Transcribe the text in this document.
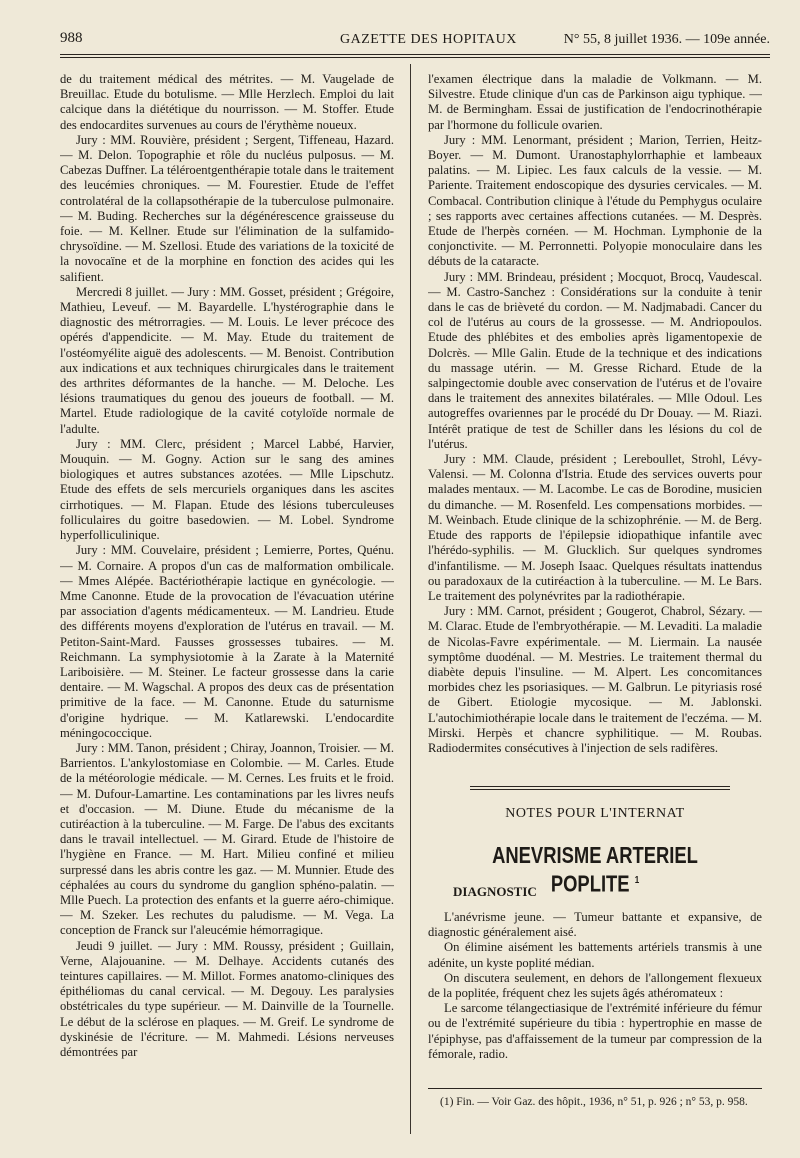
988	GAZETTE DES HOPITAUX	N° 55, 8 juillet 1936. — 109e année.

de du traitement médical des métrites. — M. Vaugelade de Breuillac. Etude du botulisme. — Mlle Herzlech. Emploi du lait calcique dans la diététique du nourrisson. — M. Stoffer. Etude des endocardites survenues au cours de l'érythème noueux.

Jury : MM. Rouvière, président ; Sergent, Tiffeneau, Hazard. — M. Delon. Topographie et rôle du nucléus pulposus. — M. Cabezas Duffner. La téléroentgenthérapie totale dans le traitement des leucémies chroniques. — M. Fourestier. Etude de l'effet controlatéral de la collapsothérapie de la tuberculose pulmonaire. — M. Buding. Recherches sur la dégénérescence graisseuse du foie. — M. Kellner. Etude sur l'élimination de la sulfamido-chrysoïdine. — M. Szellosi. Etude des variations de la toxicité de la novocaïne et de la morphine en fonction des acides qui les salifient.

Mercredi 8 juillet. — Jury : MM. Gosset, président ; Grégoire, Mathieu, Leveuf. — M. Bayardelle. L'hystérographie dans le diagnostic des métrorragies. — M. Louis. Le lever précoce des opérés d'appendicite. — M. May. Etude du traitement de l'ostéomyélite aiguë des adolescents. — M. Benoist. Contribution aux indications et aux techniques chirurgicales dans le traitement des arthrites déformantes de la hanche. — M. Deloche. Les lésions traumatiques du genou des joueurs de football. — M. Martel. Etude radiologique de la cavité cotyloïde normale de l'adulte.

Jury : MM. Clerc, président ; Marcel Labbé, Harvier, Mouquin. — M. Gogny. Action sur le sang des amines biologiques et autres substances azotées. — Mlle Lipschutz. Etude des effets de sels mercuriels organiques dans les ascites cirrhotiques. — M. Flapan. Etude des lésions tuberculeuses folliculaires du goitre basedowien. — M. Lobel. Syndrome hyperfolliculinique.

Jury : MM. Couvelaire, président ; Lemierre, Portes, Quénu. — M. Cornaire. A propos d'un cas de malformation ombilicale. — Mmes Alépée. Bactériothérapie lactique en gynécologie. — Mme Canonne. Etude de la provocation de l'évacuation utérine par association d'agents médicamenteux. — M. Landrieu. Etude des différents moyens d'exploration de l'utérus en travail. — M. Petiton-Saint-Mard. Fausses grossesses tubaires. — M. Reichmann. La symphysiotomie à la Zarate à la Maternité Lariboisière. — M. Steiner. Le facteur grossesse dans la carie dentaire. — M. Wagschal. A propos des deux cas de présentation primitive de la face. — M. Canonne. Etude du saturnisme d'origine hydrique. — M. Katlarewski. L'endocardite méningococcique.

Jury : MM. Tanon, président ; Chiray, Joannon, Troisier. — M. Barrientos. L'ankylostomiase en Colombie. — M. Carles. Etude de la météorologie médicale. — M. Cernes. Les fruits et le froid. — M. Dufour-Lamartine. Les contaminations par les livres neufs et d'occasion. — M. Diune. Etude du mécanisme de la cutiréaction à la tuberculine. — M. Farge. De l'abus des excitants dans le travail intellectuel. — M. Girard. Etude de l'histoire de l'hygiène en France. — M. Hart. Milieu confiné et milieu surpressé dans les abris contre les gaz. — M. Munnier. Etude des céphalées au cours du syndrome du ganglion sphéno-palatin. — Mlle Puech. La protection des enfants et la guerre aéro-chimique. — M. Szeker. Les rechutes du paludisme. — M. Vega. La conception de Franck sur l'aleucémie hémorragique.

Jeudi 9 juillet. — Jury : MM. Roussy, président ; Guillain, Verne, Alajouanine. — M. Delhaye. Accidents cutanés des teintures capillaires. — M. Millot. Formes anatomo-cliniques des épithéliomas du canal cervical. — M. Degouy. Les paralysies obstétricales du type supérieur. — M. Dainville de la Tournelle. Le début de la sclérose en plaques. — M. Greif. Le syndrome de dyskinésie de l'écriture. — M. Mahmedi. Lésions nerveuses démontrées par

l'examen électrique dans la maladie de Volkmann. — M. Silvestre. Etude clinique d'un cas de Parkinson aigu typhique. — M. de Bermingham. Essai de justification de l'endocrinothérapie par l'hormone du follicule ovarien.

Jury : MM. Lenormant, président ; Marion, Terrien, Heitz-Boyer. — M. Dumont. Uranostaphylorrhaphie et lambeaux palatins. — M. Lipiec. Les faux calculs de la vessie. — M. Pariente. Traitement endoscopique des dysuries cervicales. — M. Combacal. Contribution clinique à l'étude du Pemphygus oculaire ; ses rapports avec certaines affections cutanées. — M. Desprès. Etude de l'herpès cornéen. — M. Hochman. Lymphonie de la conjonctivite. — M. Perronnetti. Polyopie monoculaire dans les débuts de la cataracte.

Jury : MM. Brindeau, président ; Mocquot, Brocq, Vaudescal. — M. Castro-Sanchez : Considérations sur la conduite à tenir dans le cas de brièveté du cordon. — M. Nadjmabadi. Cancer du col de l'utérus au cours de la grossesse. — M. Andriopoulos. Etude des phlébites et des embolies après ligamentopexie de Dolcrès. — Mlle Galin. Etude de la technique et des indications du massage utérin. — M. Gresse Richard. Etude de la salpingectomie double avec conservation de l'utérus et de l'ovaire dans le traitement des annexites bilatérales. — Mlle Odoul. Les autogreffes ovariennes par le procédé du Dr Douay. — M. Riazi. Intérêt pratique de test de Schiller dans les lésions du col de l'utérus.

Jury : MM. Claude, président ; Lereboullet, Strohl, Lévy-Valensi. — M. Colonna d'Istria. Etude des services ouverts pour malades mentaux. — M. Lacombe. Le cas de Borodine, musicien du dimanche. — M. Rosenfeld. Les compensations morbides. — M. Weinbach. Etude clinique de la schizophrénie. — M. de Berg. Etude des rapports de l'épilepsie idiopathique infantile avec l'hérédo-syphilis. — M. Glucklich. Sur quelques syndromes d'infantilisme. — M. Joseph Isaac. Quelques résultats inattendus ou paradoxaux de la cutiréaction à la tuberculine. — M. Le Bars. Le traitement des polynévrites par la radiothérapie.

Jury : MM. Carnot, président ; Gougerot, Chabrol, Sézary. — M. Clarac. Etude de l'embryothérapie. — M. Levaditi. La maladie de Nicolas-Favre expérimentale. — M. Liermain. La nausée symptôme duodénal. — M. Mestries. Le traitement thermal du diabète depuis l'insuline. — M. Alpert. Les concomitances morbides chez les psoriasiques. — M. Galbrun. Le pityriasis rosé de Gibert. Etiologie mycosique. — M. Jablonski. L'autochimiothérapie locale dans le traitement de l'eczéma. — M. Mirski. Herpès et chancre syphilitique. — M. Roubas. Radiodermites consécutives à l'injection de sels radifères.

NOTES POUR L'INTERNAT
ANEVRISME ARTERIEL POPLITE $^1$
DIAGNOSTIC

L'anévrisme jeune. — Tumeur battante et expansive, de diagnostic généralement aisé.

On élimine aisément les battements artériels transmis à une adénite, un kyste poplité médian.

On discutera seulement, en dehors de l'allongement flexueux de la poplitée, fréquent chez les sujets âgés athéromateux :

Le sarcome télangectiasique de l'extrémité inférieure du fémur ou de l'extrémité supérieure du tibia : hypertrophie en masse de l'épiphyse, pas d'affaissement de la tumeur par compression de la fémorale, radio.

(1) Fin. — Voir Gaz. des hôpit., 1936, n° 51, p. 926 ; n° 53, p. 958.
